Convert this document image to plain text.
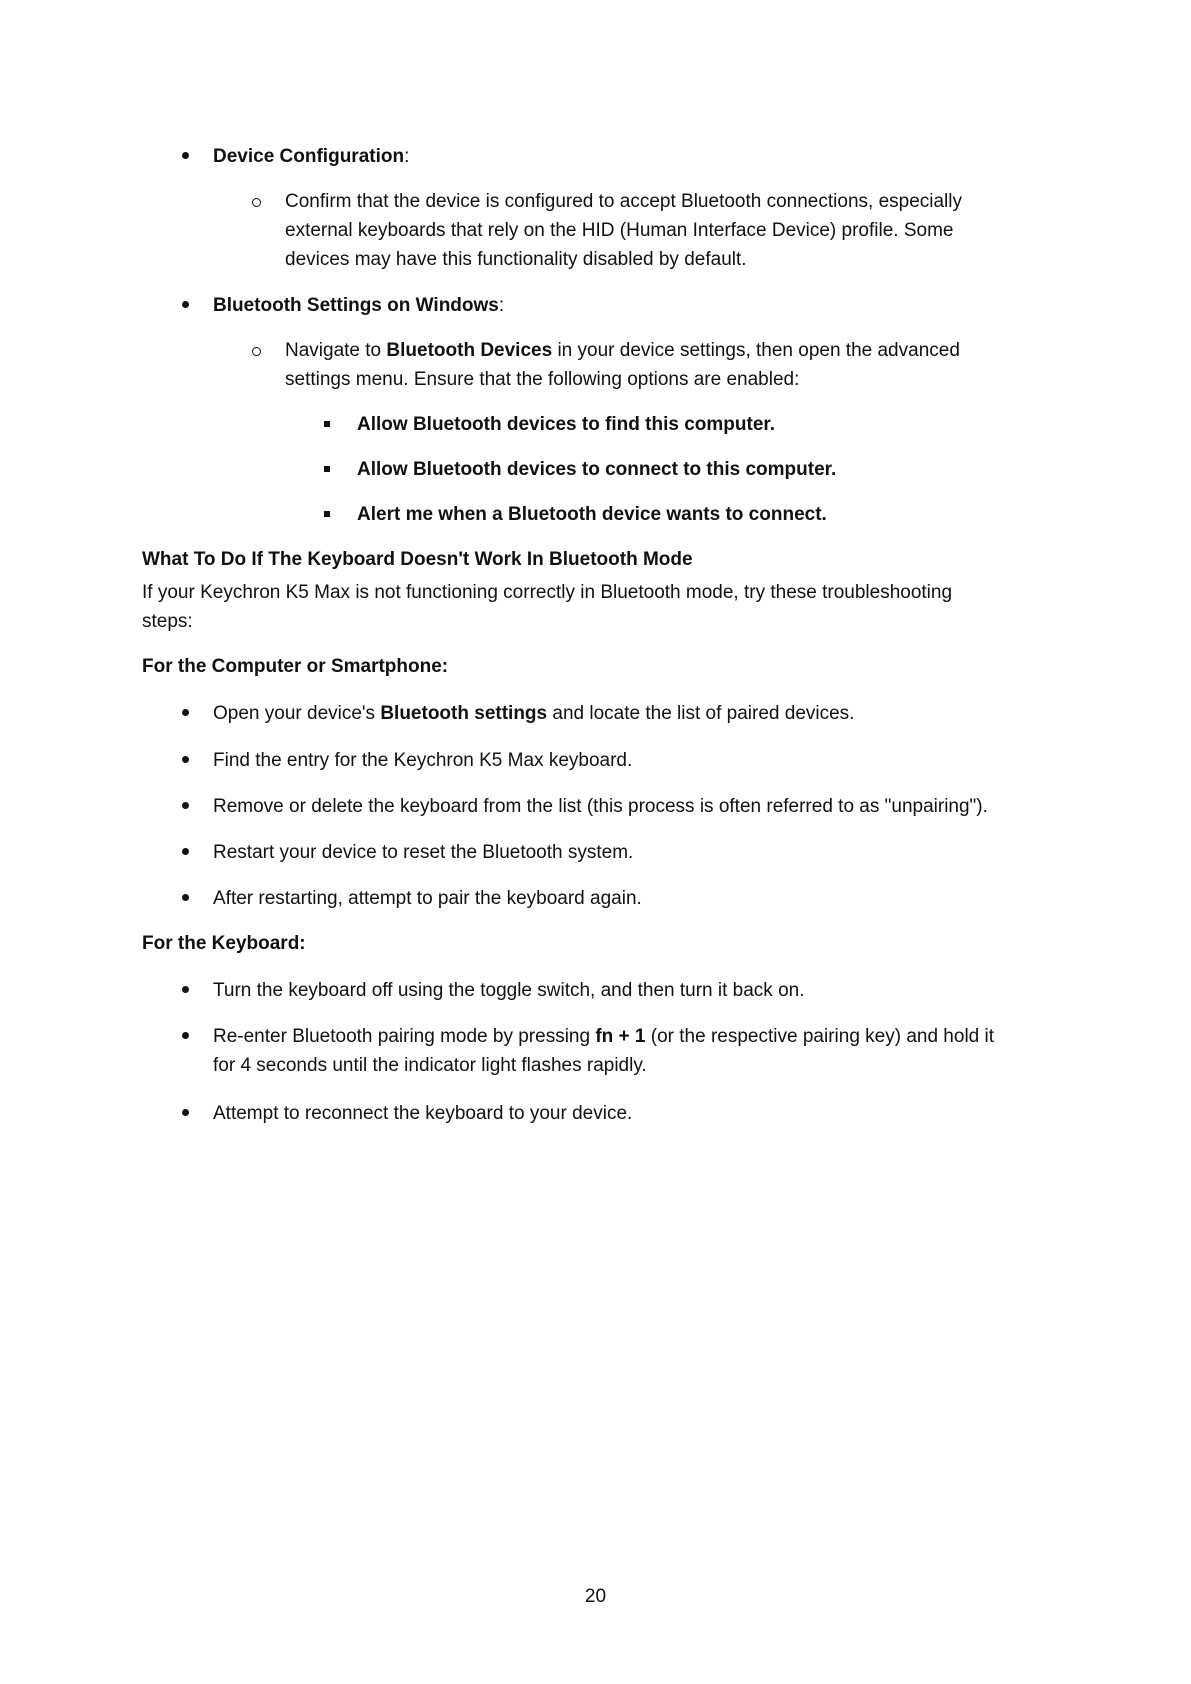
Device Configuration:
Confirm that the device is configured to accept Bluetooth connections, especially
external keyboards that rely on the HID (Human Interface Device) profile. Some
devices may have this functionality disabled by default.
Bluetooth Settings on Windows:
Navigate to Bluetooth Devices in your device settings, then open the advanced
settings menu. Ensure that the following options are enabled:
Allow Bluetooth devices to find this computer.
Allow Bluetooth devices to connect to this computer.
Alert me when a Bluetooth device wants to connect.
What To Do If The Keyboard Doesn't Work In Bluetooth Mode
If your Keychron K5 Max is not functioning correctly in Bluetooth mode, try these troubleshooting
steps:
For the Computer or Smartphone:
Open your device's Bluetooth settings and locate the list of paired devices.
Find the entry for the Keychron K5 Max keyboard.
Remove or delete the keyboard from the list (this process is often referred to as "unpairing").
Restart your device to reset the Bluetooth system.
After restarting, attempt to pair the keyboard again.
For the Keyboard:
Turn the keyboard off using the toggle switch, and then turn it back on.
Re-enter Bluetooth pairing mode by pressing fn + 1 (or the respective pairing key) and hold it
for 4 seconds until the indicator light flashes rapidly.
Attempt to reconnect the keyboard to your device.
20
